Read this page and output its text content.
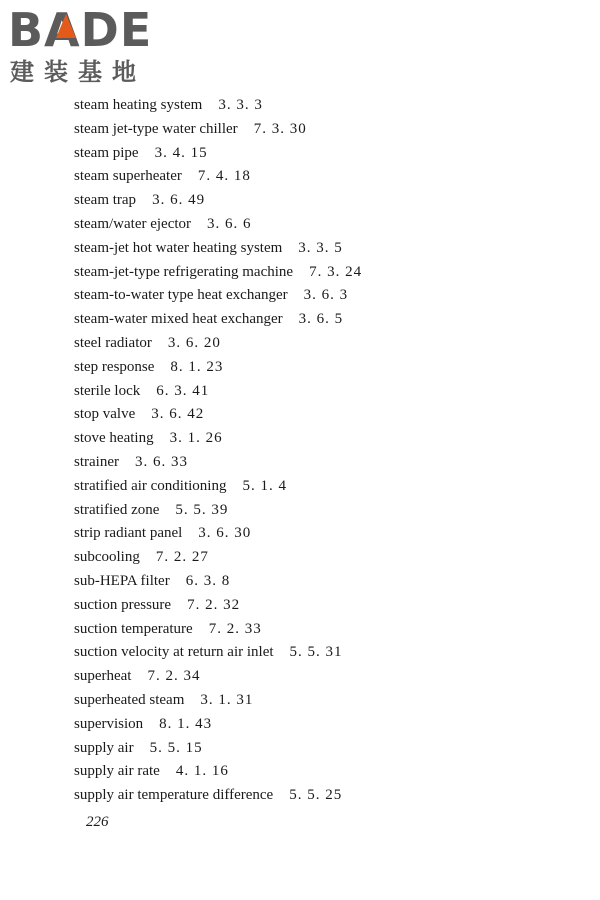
BADE
建装基地
steam heating system 3. 3. 3
steam jet-type water chiller 7. 3. 30
steam pipe 3. 4. 15
steam superheater 7. 4. 18
steam trap 3. 6. 49
steam/water ejector 3. 6. 6
steam-jet hot water heating system 3. 3. 5
steam-jet-type refrigerating machine 7. 3. 24
steam-to-water type heat exchanger 3. 6. 3
steam-water mixed heat exchanger 3. 6. 5
steel radiator 3. 6. 20
step response 8. 1. 23
sterile lock 6. 3. 41
stop valve 3. 6. 42
stove heating 3. 1. 26
strainer 3. 6. 33
stratified air conditioning 5. 1. 4
stratified zone 5. 5. 39
strip radiant panel 3. 6. 30
subcooling 7. 2. 27
sub-HEPA filter 6. 3. 8
suction pressure 7. 2. 32
suction temperature 7. 2. 33
suction velocity at return air inlet 5. 5. 31
superheat 7. 2. 34
superheated steam 3. 1. 31
supervision 8. 1. 43
supply air 5. 5. 15
supply air rate 4. 1. 16
supply air temperature difference 5. 5. 25
226
